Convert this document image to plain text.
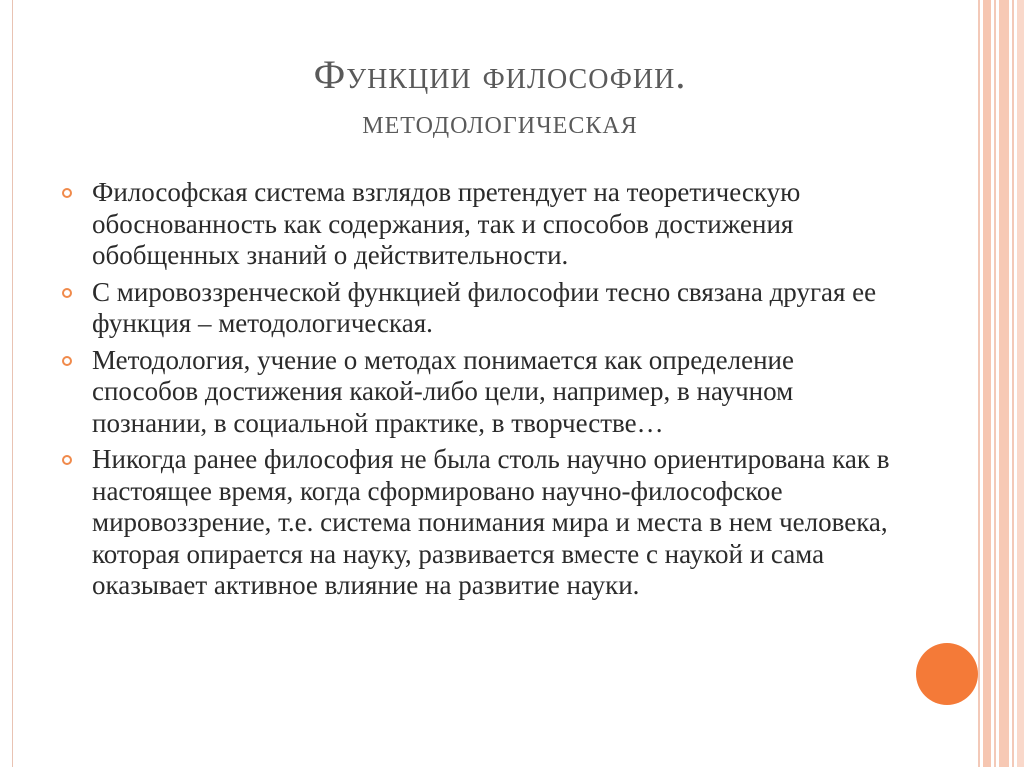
Функции философии.
методологическая
Философская система взглядов претендует на теоретическую обоснованность как содержания, так и способов достижения обобщенных знаний о действительности.
С мировоззренческой функцией философии тесно связана другая ее функция – методологическая.
Методология, учение о методах понимается как определение способов достижения какой-либо цели, например, в научном познании, в социальной практике, в творчестве…
Никогда ранее философия не была столь научно ориентирована как в настоящее время, когда сформировано научно-философское мировоззрение, т.е. система понимания мира и места в нем человека, которая опирается на науку, развивается вместе с наукой и сама оказывает активное влияние на развитие науки.
